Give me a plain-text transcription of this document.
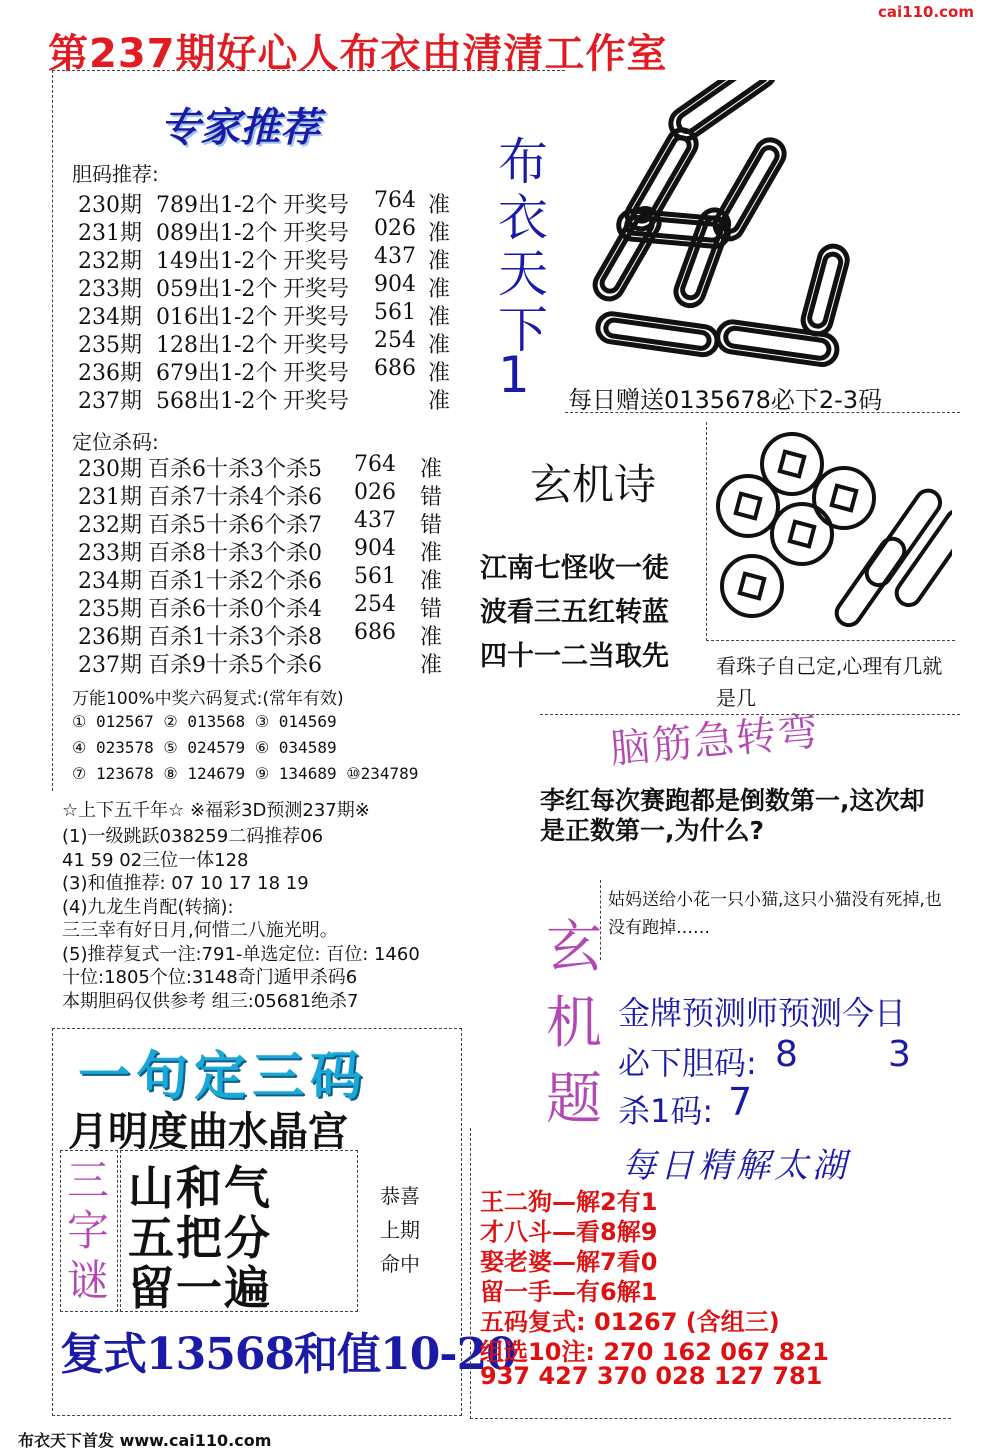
cai110.com
第237期好心人布衣由清清工作室
专家推荐
胆码推荐:
230期 789出1-2个 开奖号 764 准
231期 089出1-2个 开奖号 026 准
232期 149出1-2个 开奖号 437 准
233期 059出1-2个 开奖号 904 准
234期 016出1-2个 开奖号 561 准
235期 128出1-2个 开奖号 254 准
236期 679出1-2个 开奖号 686 准
237期 568出1-2个 开奖号	准
定位杀码:
230期 百杀6十杀3个杀5 764 准
231期 百杀7十杀4个杀6 026 错
232期 百杀5十杀6个杀7 437 错
233期 百杀8十杀3个杀0 904 准
234期 百杀1十杀2个杀6 561 准
235期 百杀6十杀0个杀4 254 错
236期 百杀1十杀3个杀8 686 准
237期 百杀9十杀5个杀6	准
万能100%中奖六码复式:(常年有效)
① 012567 ② 013568 ③ 014569
④ 023578 ⑤ 024579 ⑥ 034589
⑦ 123678 ⑧ 124679 ⑨ 134689 ⑩234789
☆上下五千年☆ ※福彩3D预测237期※
(1)一级跳跃038259二码推荐06
41 59 02三位一体128
(3)和值推荐: 07 10 17 18 19
(4)九龙生肖配(转摘):
三三幸有好日月,何惜二八施光明。
(5)推荐复式一注:791-单选定位: 百位: 1460
十位:1805个位:3148奇门遁甲杀码6
本期胆码仅供参考 组三:05681绝杀7
一句定三码
月明度曲水晶宫
三字谜
山和气
五把分
留一遍
恭喜
上期
命中
复式13568和值10-20
布衣天下首发 www.cai110.com
布
衣
天
下
1 每日赠送0135678必下2-3码
玄机诗
江南七怪收一徒
波看三五红转蓝
四十一二当取先 看珠子自己定,心理有几就是几
脑筋急转弯
李红每次赛跑都是倒数第一,这次却是正数第一,为什么?
玄机题
姑妈送给小花一只小猫,这只小猫没有死掉,也没有跑掉……
金牌预测师预测今日
必下胆码: 8	3
杀1码: 7
每日精解太湖
王二狗—解2有1
才八斗—看8解9
娶老婆—解7看0
留一手—有6解1
五码复式: 01267 (含组三)
组选10注: 270 162 067 821
937 427 370 028 127 781
